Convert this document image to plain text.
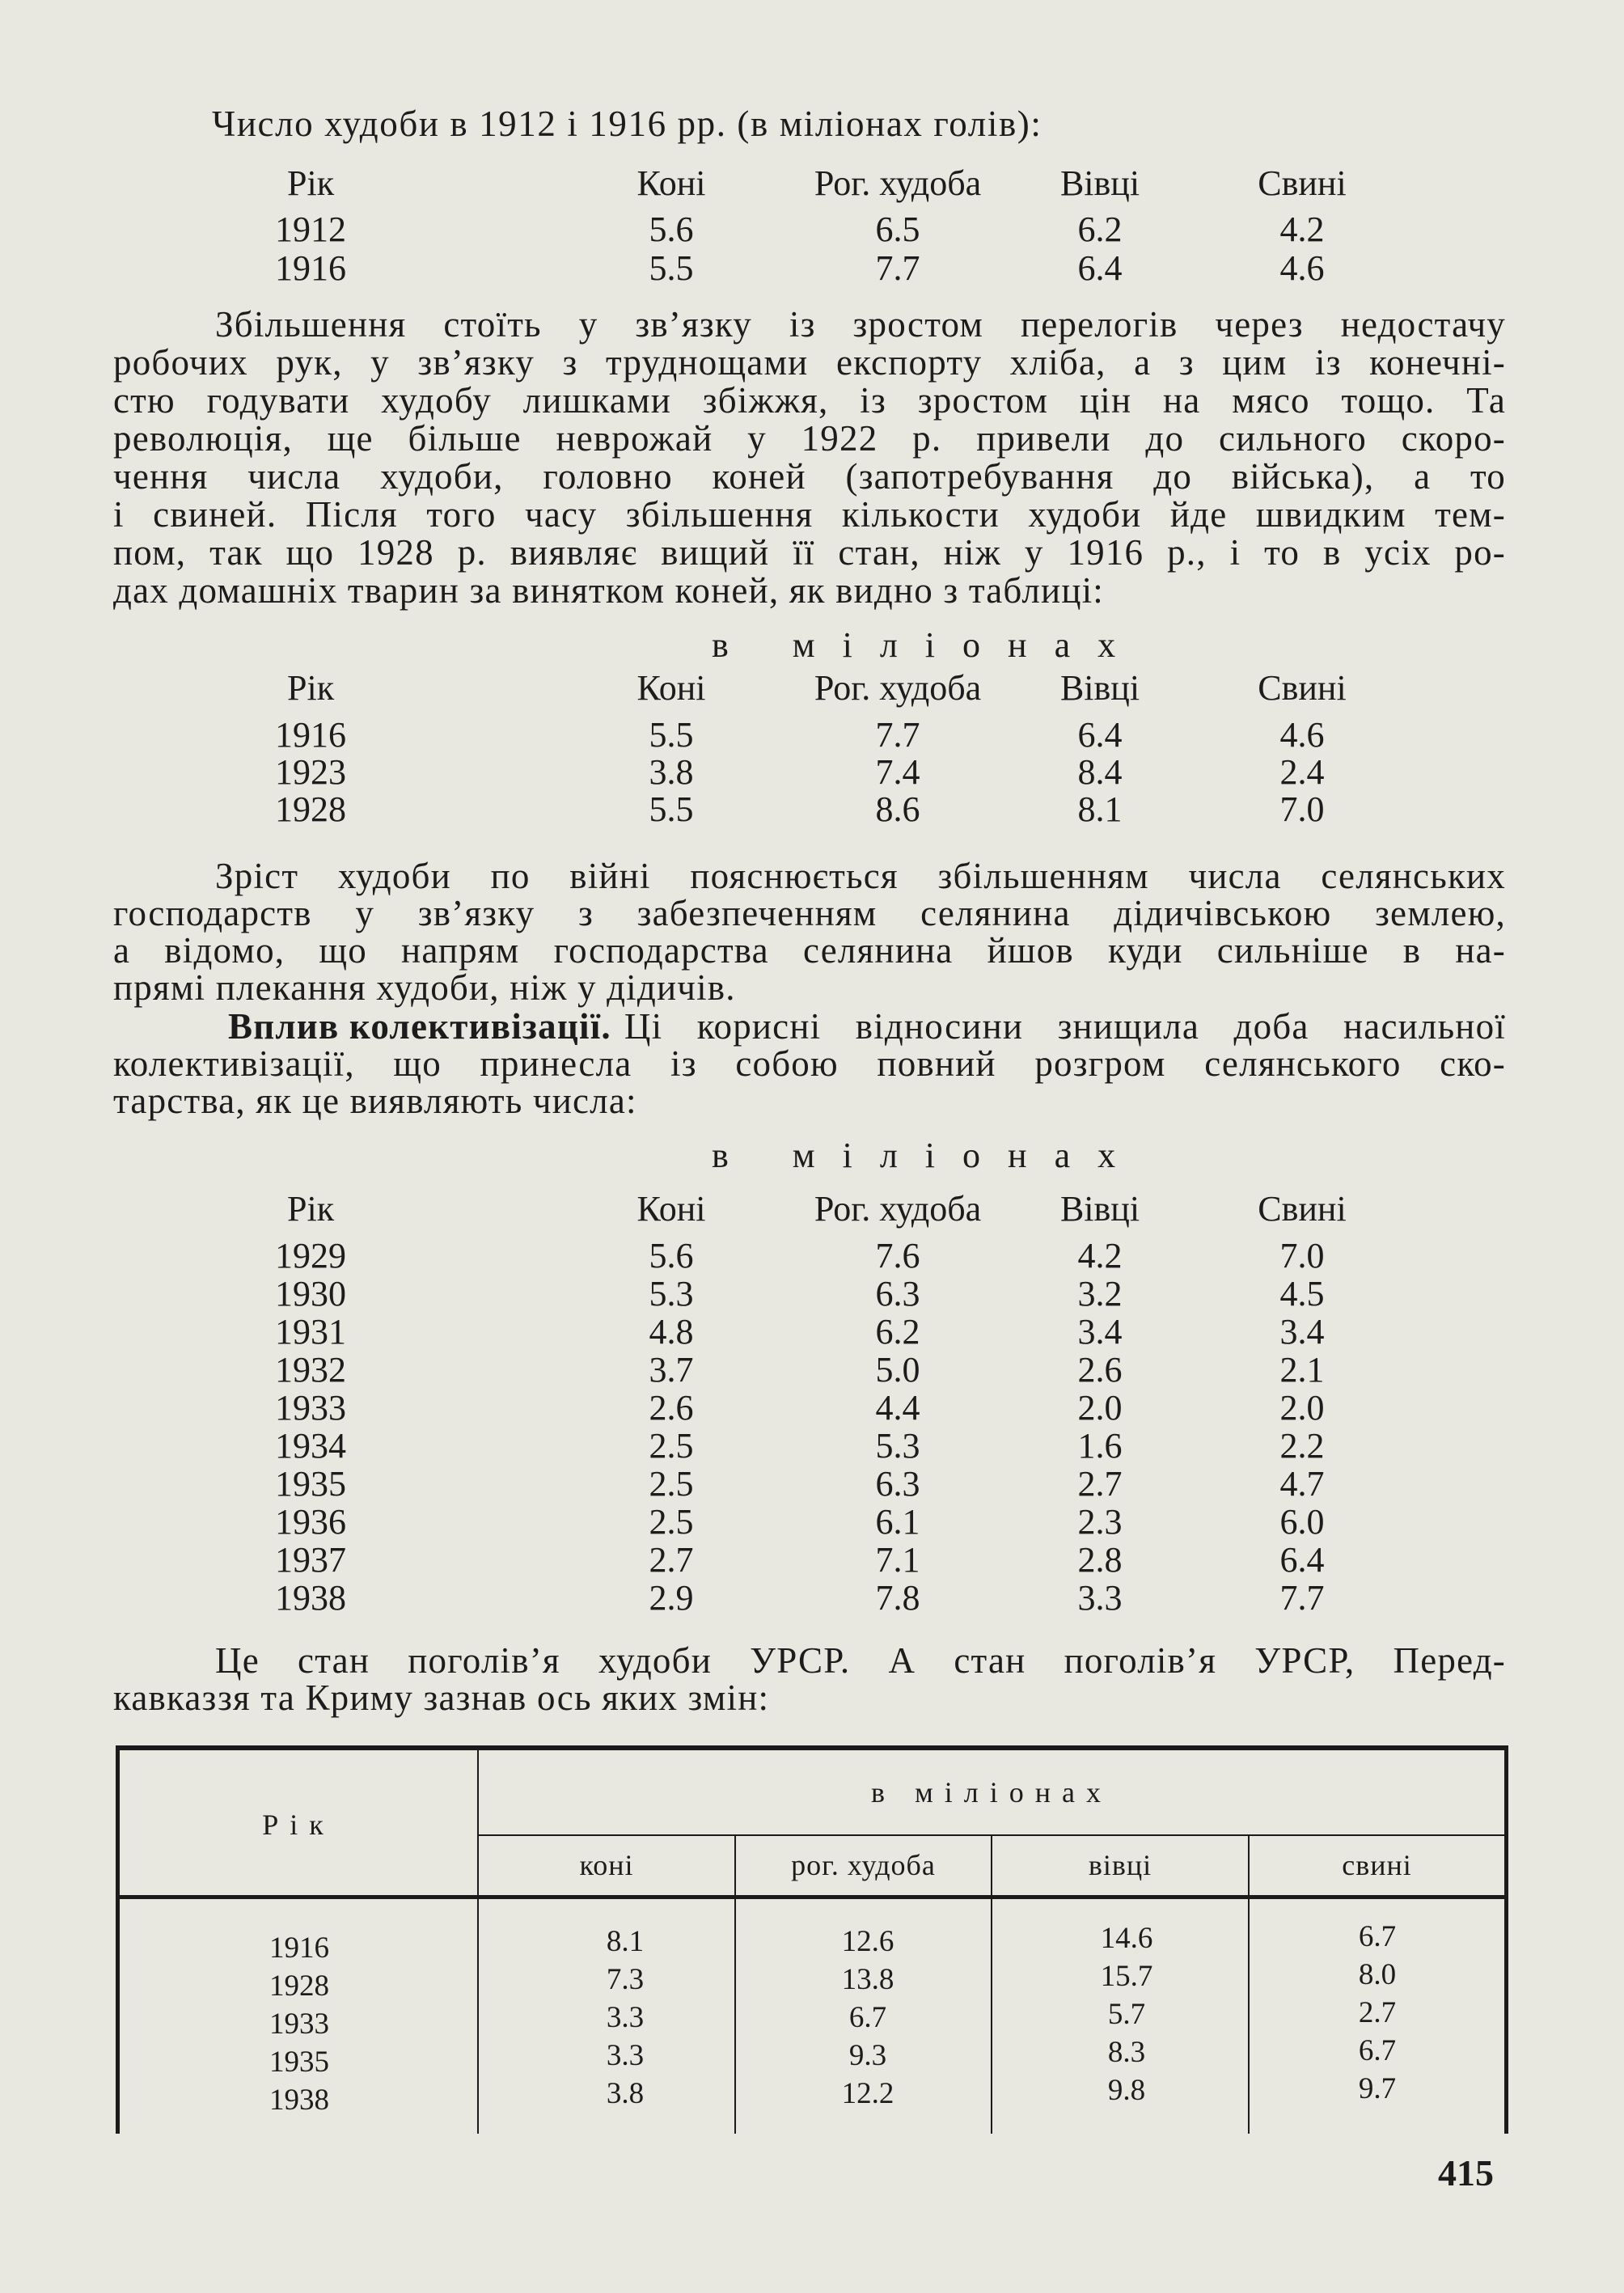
Число худоби в 1912 і 1916 рр. (в міліонах голів):
Рік	Коні	Рог. худоба	Вівці	Свині
1912	5.6	6.5	6.2	4.2
1916	5.5	7.7	6.4	4.6
Збільшення стоїть у зв’язку із зростом перелогів через недостачу
робочих рук, у зв’язку з труднощами експорту хліба, а з цим із конечні-
стю годувати худобу лишками збіжжя, із зростом цін на мясо тощо. Та
революція, ще більше неврожай у 1922 р. привели до сильного скоро-
чення числа худоби, головно коней (запотребування до війська), а то
і свиней. Після того часу збільшення кількости худоби йде швидким тем-
пом, так що 1928 р. виявляє вищий її стан, ніж у 1916 р., і то в усіх ро-
дах домашніх тварин за винятком коней, як видно з таблиці:
в міліонах
Рік	Коні	Рог. худоба	Вівці	Свині
1916	5.5	7.7	6.4	4.6
1923	3.8	7.4	8.4	2.4
1928	5.5	8.6	8.1	7.0
Зріст худоби по війні пояснюється збільшенням числа селянських
господарств у зв’язку з забезпеченням селянина дідичівською землею,
а відомо, що напрям господарства селянина йшов куди сильніше в на-
прямі плекання худоби, ніж у дідичів.
Вплив колективізації. Ці корисні відносини знищила доба насильної
колективізації, що принесла із собою повний розгром селянського ско-
тарства, як це виявляють числа:
в міліонах
Рік	Коні	Рог. худоба	Вівці	Свині
1929	5.6	7.6	4.2	7.0
1930	5.3	6.3	3.2	4.5
1931	4.8	6.2	3.4	3.4
1932	3.7	5.0	2.6	2.1
1933	2.6	4.4	2.0	2.0
1934	2.5	5.3	1.6	2.2
1935	2.5	6.3	2.7	4.7
1936	2.5	6.1	2.3	6.0
1937	2.7	7.1	2.8	6.4
1938	2.9	7.8	3.3	7.7
Це стан поголів’я худоби УРСР. А стан поголів’я УРСР, Перед-
кавказзя та Криму зазнав ось яких змін:
Рік
в міліонах
коні	рог. худоба	вівці	свині
1916	8.1	12.6	14.6	6.7
1928	7.3	13.8	15.7	8.0
1933	3.3	6.7	5.7	2.7
1935	3.3	9.3	8.3	6.7
1938	3.8	12.2	9.8	9.7
415
